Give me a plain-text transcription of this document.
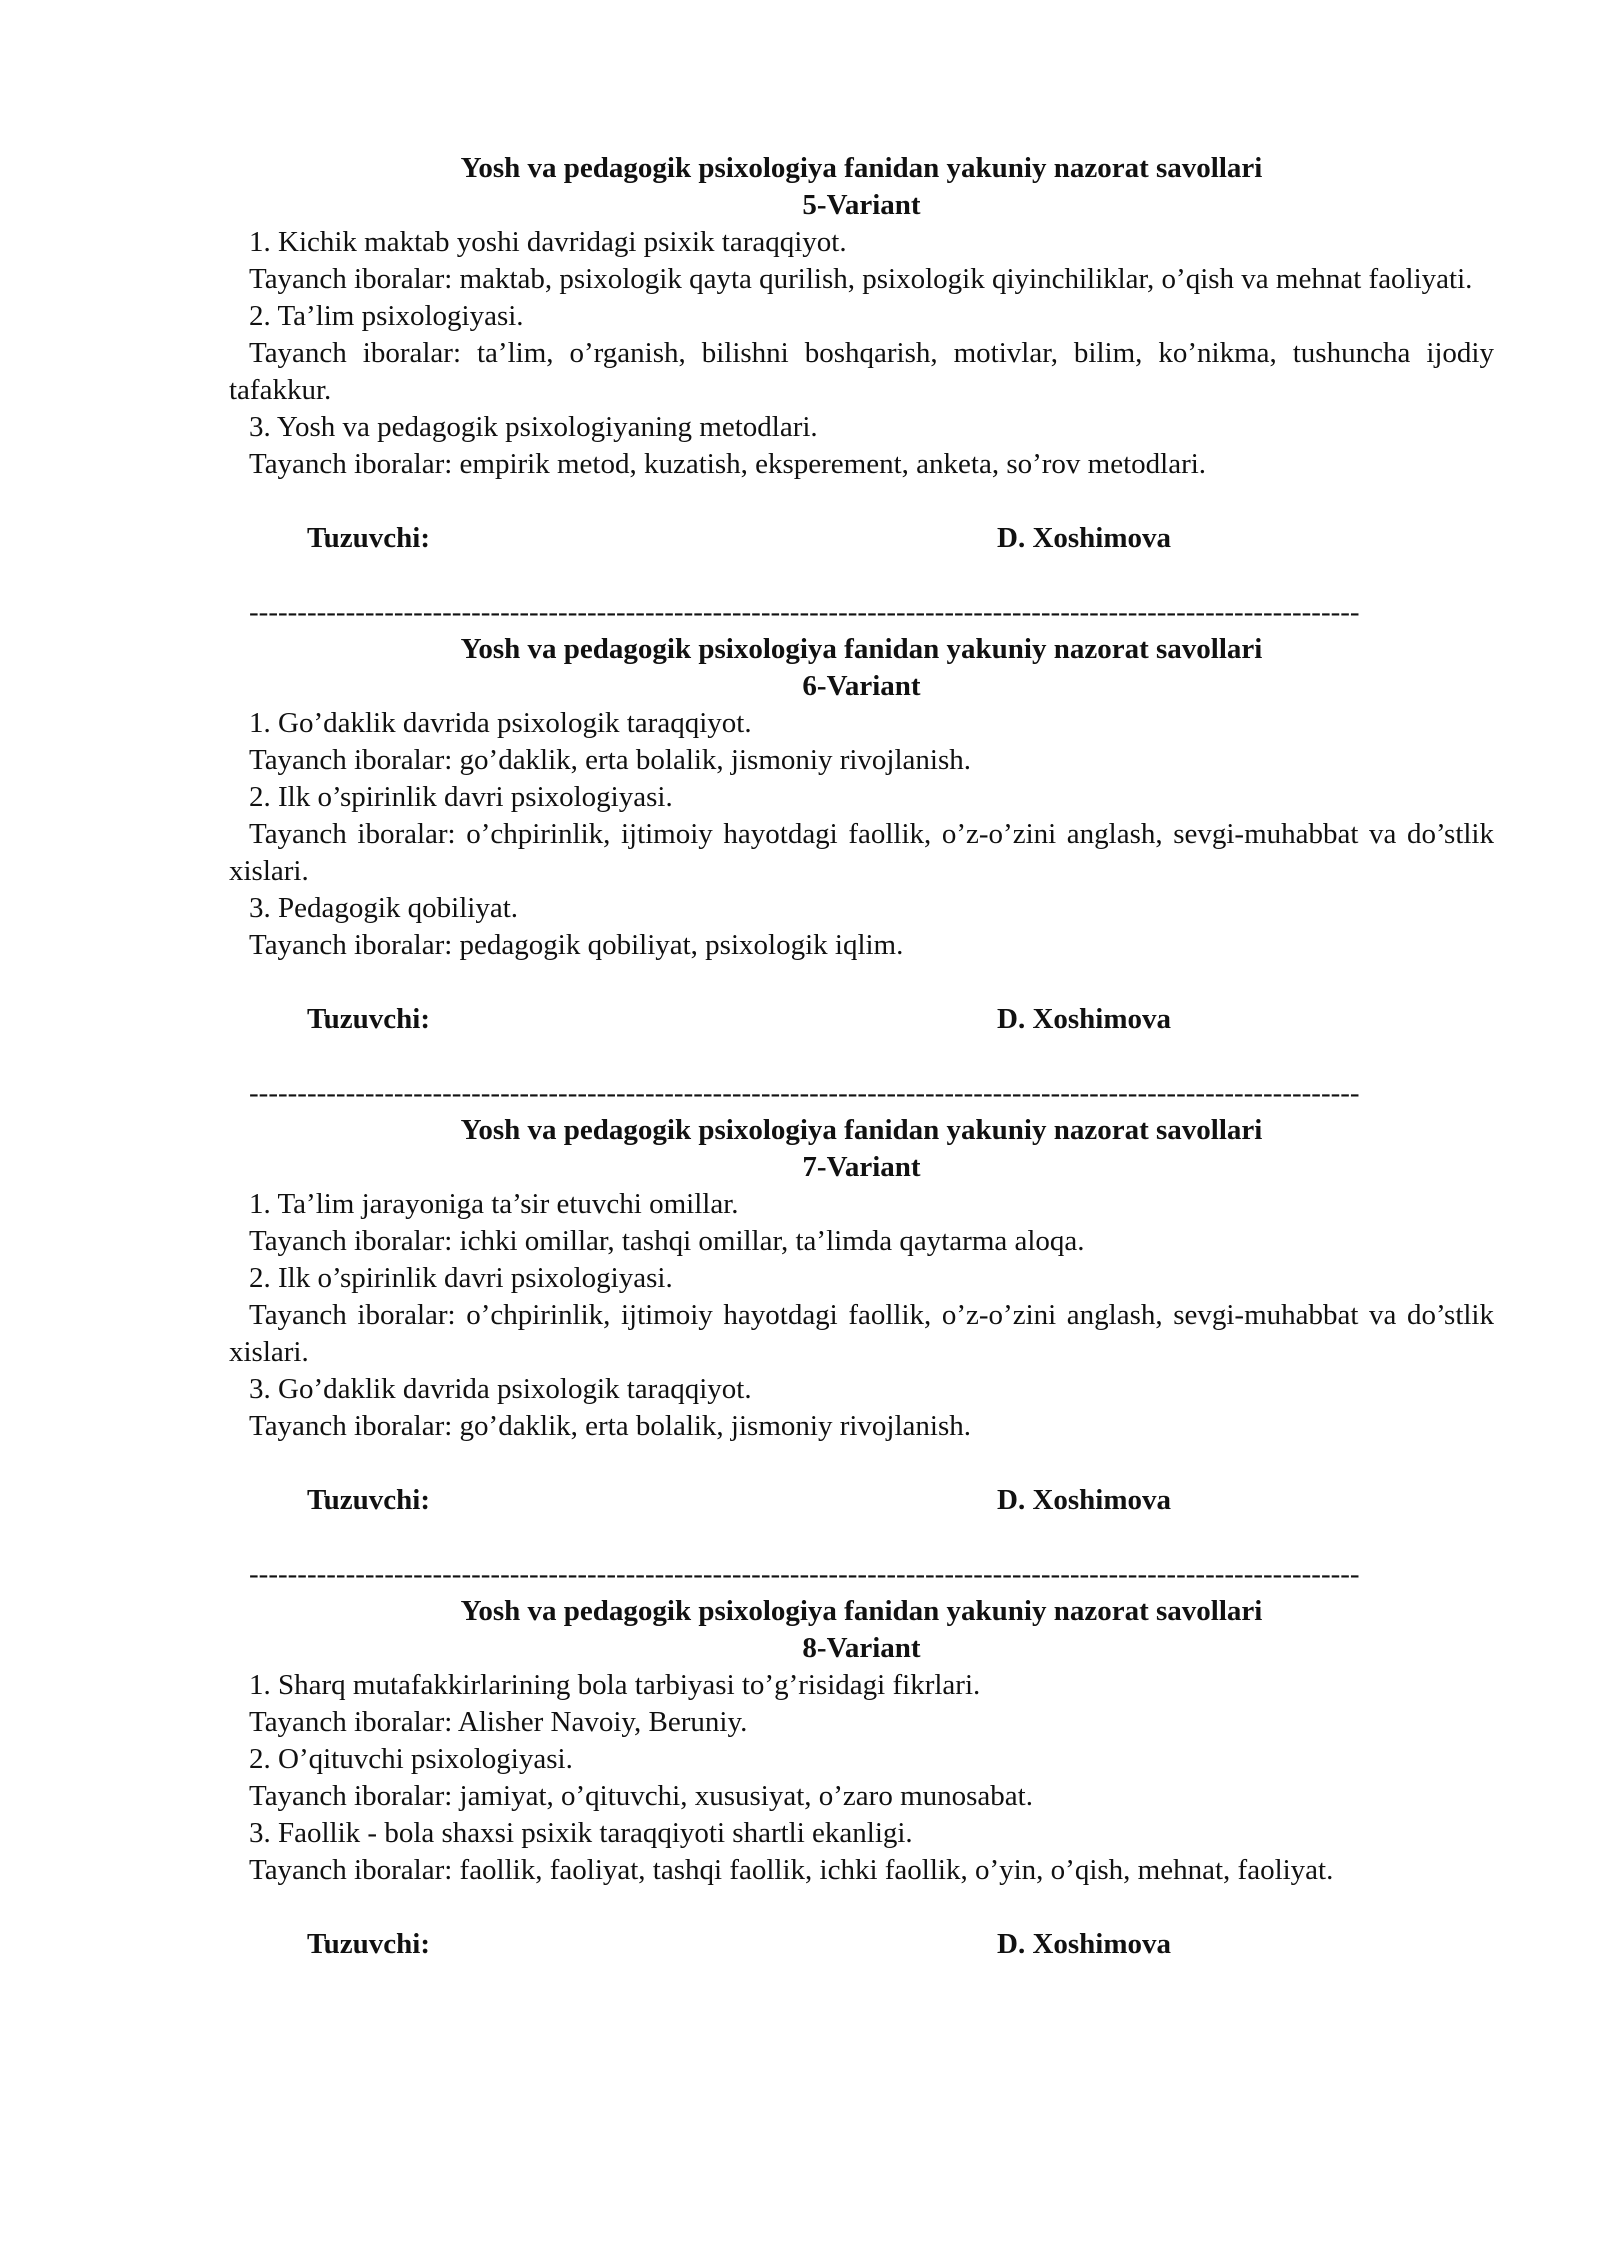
Yosh va pedagogik psixologiya fanidan yakuniy nazorat savollari

5-Variant

1. Kichik maktab yoshi davridagi psixik taraqqiyot.

Tayanch iboralar: maktab, psixologik qayta qurilish, psixologik qiyinchiliklar, o’qish va mehnat faoliyati.

2. Ta’lim psixologiyasi.

Tayanch iboralar: ta’lim, o’rganish, bilishni boshqarish, motivlar, bilim, ko’nikma, tushuncha ijodiy tafakkur.

3. Yosh va pedagogik psixologiyaning metodlari.

Tayanch iboralar: empirik metod, kuzatish, eksperement, anketa, so’rov metodlari.

Tuzuvchi:	D. Xoshimova
-------------------------------------------------------------------------------------------------------------------

Yosh va pedagogik psixologiya fanidan yakuniy nazorat savollari

6-Variant

1. Go’daklik davrida psixologik taraqqiyot.

Tayanch iboralar: go’daklik, erta bolalik, jismoniy rivojlanish.

2. Ilk o’spirinlik davri psixologiyasi.

Tayanch iboralar: o’chpirinlik, ijtimoiy hayotdagi faollik, o’z-o’zini anglash, sevgi-muhabbat va do’stlik xislari.

3. Pedagogik qobiliyat.

Tayanch iboralar: pedagogik qobiliyat, psixologik iqlim.

Tuzuvchi:	D. Xoshimova
-------------------------------------------------------------------------------------------------------------------

Yosh va pedagogik psixologiya fanidan yakuniy nazorat savollari

7-Variant

1. Ta’lim jarayoniga ta’sir etuvchi omillar.

Tayanch iboralar: ichki omillar, tashqi omillar, ta’limda qaytarma aloqa.

2. Ilk o’spirinlik davri psixologiyasi.

Tayanch iboralar: o’chpirinlik, ijtimoiy hayotdagi faollik, o’z-o’zini anglash, sevgi-muhabbat va do’stlik xislari.

3. Go’daklik davrida psixologik taraqqiyot.

Tayanch iboralar: go’daklik, erta bolalik, jismoniy rivojlanish.

Tuzuvchi:	D. Xoshimova
-------------------------------------------------------------------------------------------------------------------

Yosh va pedagogik psixologiya fanidan yakuniy nazorat savollari

8-Variant

1. Sharq mutafakkirlarining bola tarbiyasi to’g’risidagi fikrlari.

Tayanch iboralar: Alisher Navoiy, Beruniy.

2. O’qituvchi psixologiyasi.

Tayanch iboralar: jamiyat, o’qituvchi, xususiyat, o’zaro munosabat.

3. Faollik - bola shaxsi psixik taraqqiyoti shartli ekanligi.

Tayanch iboralar: faollik, faoliyat, tashqi faollik, ichki faollik, o’yin, o’qish, mehnat, faoliyat.

Tuzuvchi:	D. Xoshimova
